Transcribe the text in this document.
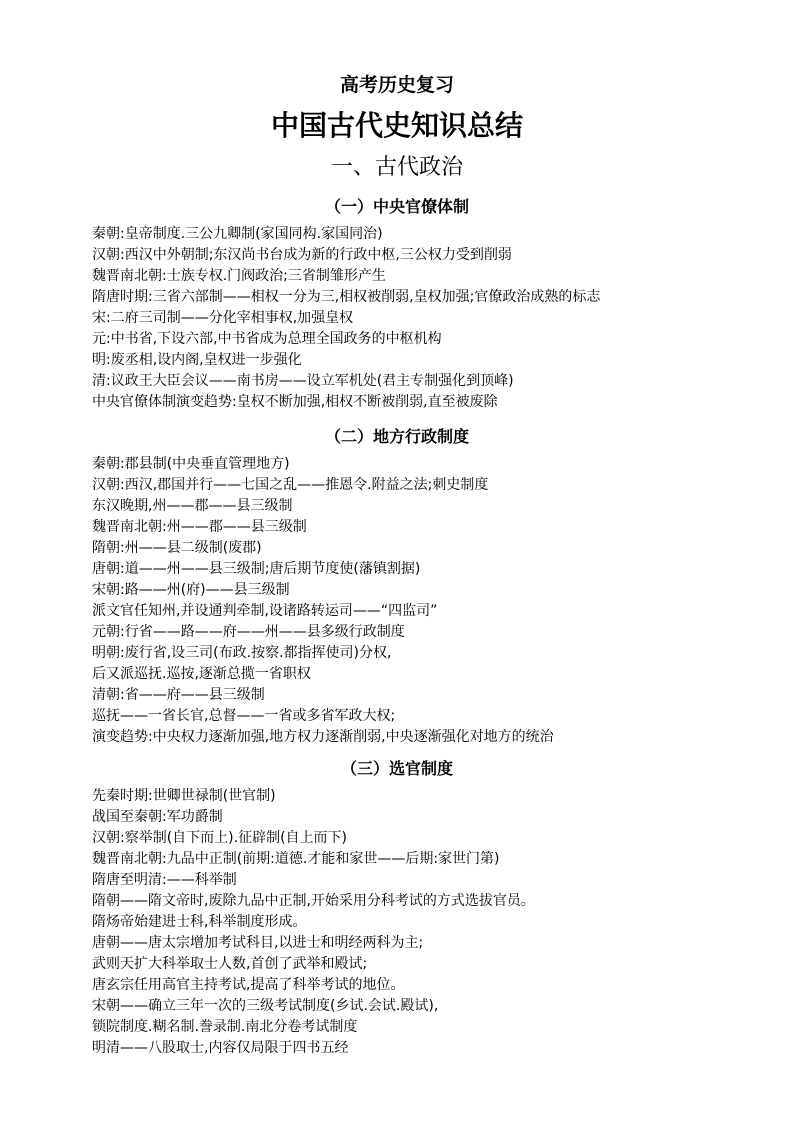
高考历史复习
中国古代史知识总结
一、古代政治
（一）中央官僚体制
秦朝:皇帝制度.三公九卿制(家国同构.家国同治)
汉朝:西汉中外朝制;东汉尚书台成为新的行政中枢,三公权力受到削弱
魏晋南北朝:士族专权.门阀政治;三省制雏形产生
隋唐时期:三省六部制——相权一分为三,相权被削弱,皇权加强;官僚政治成熟的标志
宋:二府三司制——分化宰相事权,加强皇权
元:中书省,下设六部,中书省成为总理全国政务的中枢机构
明:废丞相,设内阁,皇权进一步强化
清:议政王大臣会议——南书房——设立军机处(君主专制强化到顶峰)
中央官僚体制演变趋势:皇权不断加强,相权不断被削弱,直至被废除
（二）地方行政制度
秦朝:郡县制(中央垂直管理地方)
汉朝:西汉,郡国并行——七国之乱——推恩令.附益之法;刺史制度
东汉晚期,州——郡——县三级制
魏晋南北朝:州——郡——县三级制
隋朝:州——县二级制(废郡)
唐朝:道——州——县三级制;唐后期节度使(藩镇割据)
宋朝:路——州(府)——县三级制
派文官任知州,并设通判牵制,设诸路转运司——“四监司”
元朝:行省——路——府——州——县多级行政制度
明朝:废行省,设三司(布政.按察.都指挥使司)分权,
后又派巡抚.巡按,逐渐总揽一省职权
清朝:省——府——县三级制
巡抚——一省长官,总督——一省或多省军政大权;
演变趋势:中央权力逐渐加强,地方权力逐渐削弱,中央逐渐强化对地方的统治
（三）选官制度
先秦时期:世卿世禄制(世官制)
战国至秦朝:军功爵制
汉朝:察举制(自下而上).征辟制(自上而下)
魏晋南北朝:九品中正制(前期:道德.才能和家世——后期:家世门第)
隋唐至明清:——科举制
隋朝——隋文帝时,废除九品中正制,开始采用分科考试的方式选拔官员。
隋炀帝始建进士科,科举制度形成。
唐朝——唐太宗增加考试科目,以进士和明经两科为主;
武则天扩大科举取士人数,首创了武举和殿试;
唐玄宗任用高官主持考试,提高了科举考试的地位。
宋朝——确立三年一次的三级考试制度(乡试.会试.殿试),
锁院制度.糊名制.誊录制.南北分卷考试制度
明清——八股取士,内容仅局限于四书五经
